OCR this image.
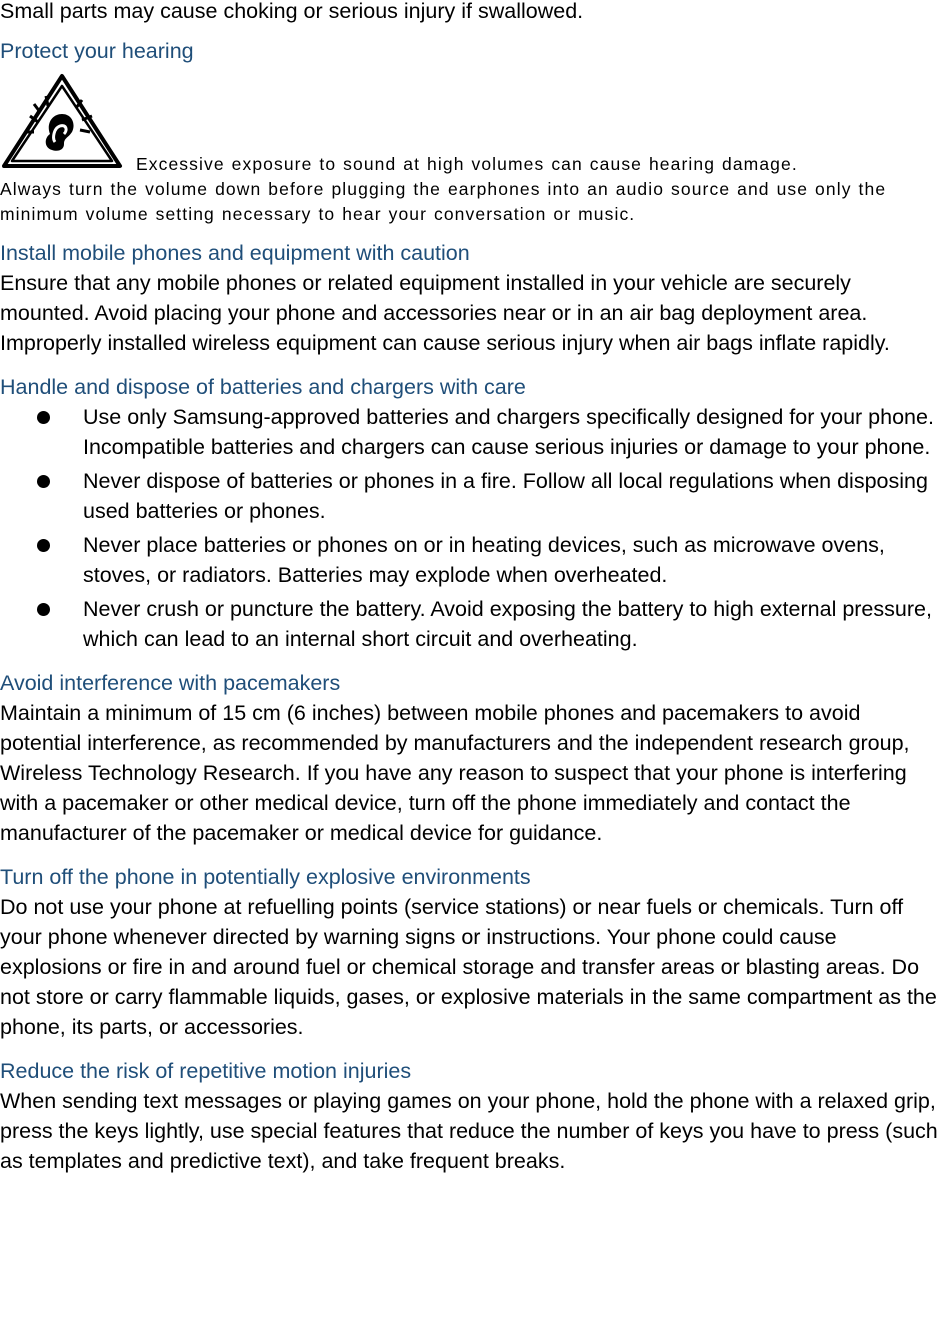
Small parts may cause choking or serious injury if swallowed.

Protect your hearing
Excessive exposure to sound at high volumes can cause hearing damage.
Always turn the volume down before plugging the earphones into an audio source and use only the minimum volume setting necessary to hear your conversation or music.
Install mobile phones and equipment with caution

Ensure that any mobile phones or related equipment installed in your vehicle are securely mounted. Avoid placing your phone and accessories near or in an air bag deployment area. Improperly installed wireless equipment can cause serious injury when air bags inflate rapidly.

Handle and dispose of batteries and chargers with care
Use only Samsung-approved batteries and chargers specifically designed for your phone. Incompatible batteries and chargers can cause serious injuries or damage to your phone.
Never dispose of batteries or phones in a fire. Follow all local regulations when disposing used batteries or phones.
Never place batteries or phones on or in heating devices, such as microwave ovens, stoves, or radiators. Batteries may explode when overheated.
Never crush or puncture the battery. Avoid exposing the battery to high external pressure, which can lead to an internal short circuit and overheating.
Avoid interference with pacemakers

Maintain a minimum of 15 cm (6 inches) between mobile phones and pacemakers to avoid potential interference, as recommended by manufacturers and the independent research group, Wireless Technology Research. If you have any reason to suspect that your phone is interfering with a pacemaker or other medical device, turn off the phone immediately and contact the manufacturer of the pacemaker or medical device for guidance.

Turn off the phone in potentially explosive environments

Do not use your phone at refuelling points (service stations) or near fuels or chemicals. Turn off your phone whenever directed by warning signs or instructions. Your phone could cause explosions or fire in and around fuel or chemical storage and transfer areas or blasting areas. Do not store or carry flammable liquids, gases, or explosive materials in the same compartment as the phone, its parts, or accessories.

Reduce the risk of repetitive motion injuries

When sending text messages or playing games on your phone, hold the phone with a relaxed grip, press the keys lightly, use special features that reduce the number of keys you have to press (such as templates and predictive text), and take frequent breaks.
